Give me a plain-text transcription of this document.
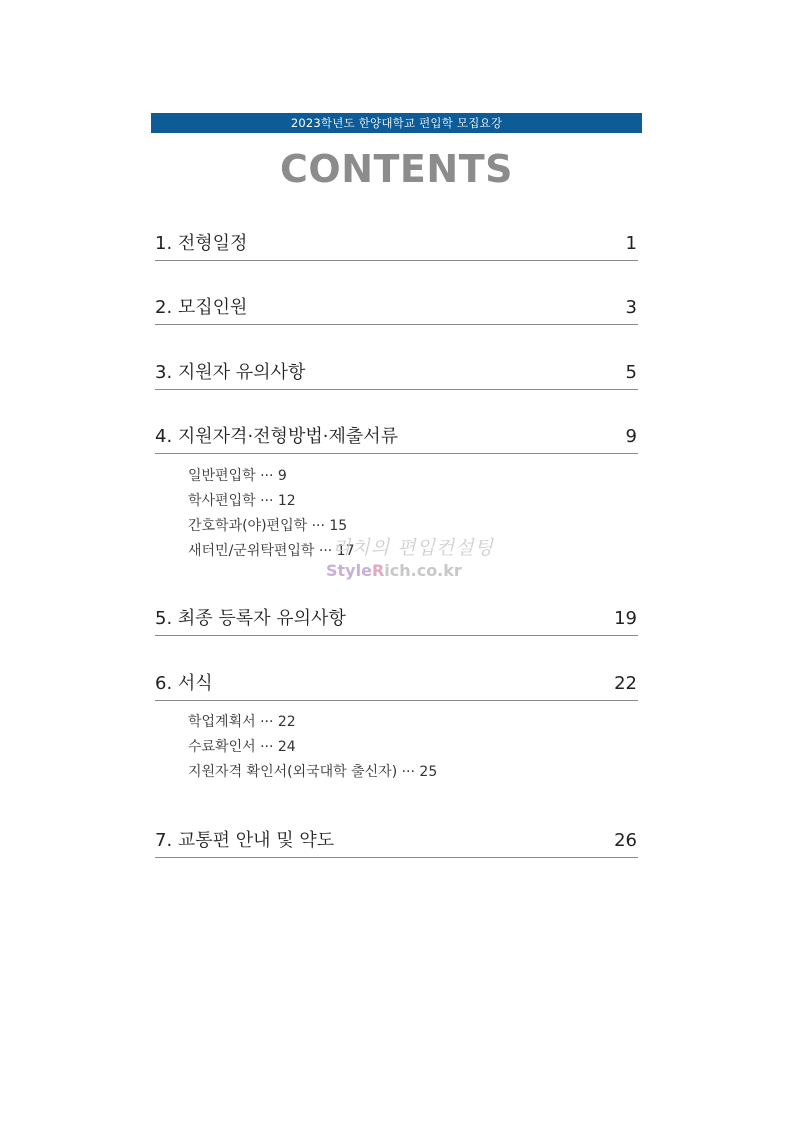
2023학년도 한양대학교 편입학 모집요강
CONTENTS
1. 전형일정	1
2. 모집인원	3
3. 지원자 유의사항	5
4. 지원자격·전형방법·제출서류	9
일반편입학 ··· 9
학사편입학 ··· 12
간호학과(야)편입학 ··· 15
새터민/군위탁편입학 ··· 17
리치의 편입컨설팅
StyleRich.co.kr
5. 최종 등록자 유의사항	19
6. 서식	22
학업계획서 ··· 22
수료확인서 ··· 24
지원자격 확인서(외국대학 출신자) ··· 25
7. 교통편 안내 및 약도	26
